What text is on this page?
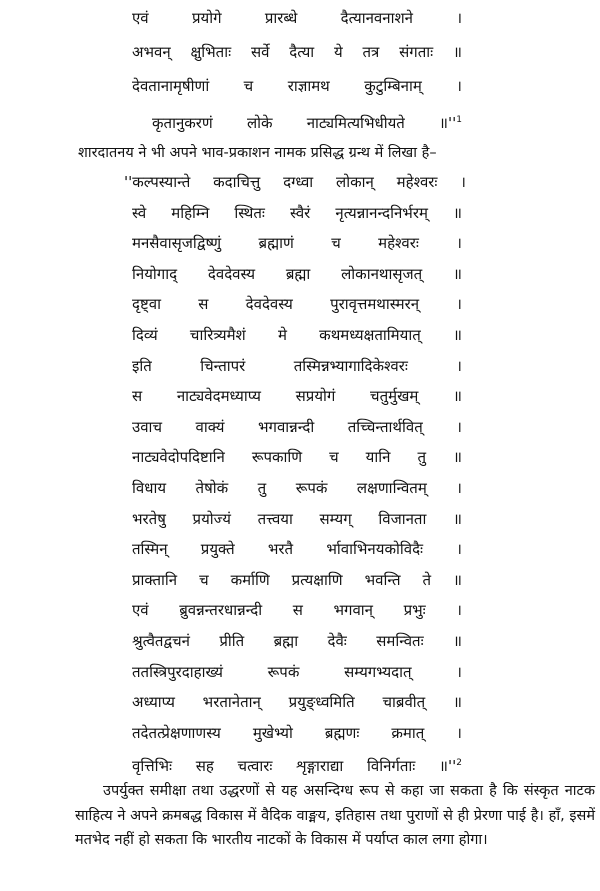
एवं प्रयोगे प्रारब्धे दैत्यानवनाशने ।
अभवन् क्षुभिताः सर्वे दैत्या ये तत्र संगताः ॥
देवतानामृषीणां च राज्ञामथ कुटुम्बिनाम् ।
कृतानुकरणं लोके नाट्यमित्यभिधीयते $॥''^1$
शारदातनय ने भी अपने भाव-प्रकाशन नामक प्रसिद्ध ग्रन्थ में लिखा है–
''कल्पस्यान्ते कदाचित्तु दग्ध्वा लोकान् महेश्वरः ।
स्वे महिम्नि स्थितः स्वैरं नृत्यन्नानन्दनिर्भरम् ॥
मनसैवासृजद्विष्णुं ब्रह्माणं च महेश्वरः ।
नियोगाद् देवदेवस्य ब्रह्मा लोकानथासृजत् ॥
दृष्ट्वा स देवदेवस्य पुरावृत्तमथास्मरन् ।
दिव्यं चारित्र्यमैशं मे कथमध्यक्षतामियात् ॥
इति चिन्तापरं तस्मिन्नभ्यागादिकेश्वरः ।
स नाट्यवेदमध्याप्य सप्रयोगं चतुर्मुखम् ॥
उवाच वाक्यं भगवान्नन्दी तच्चिन्तार्थवित् ।
नाट्यवेदोपदिष्टानि रूपकाणि च यानि तु ॥
विधाय तेषोकं तु रूपकं लक्षणान्वितम् ।
भरतेषु प्रयोज्यं तत्त्वया सम्यग् विजानता ॥
तस्मिन् प्रयुक्ते भरतै र्भावाभिनयकोविदैः ।
प्राक्तानि च कर्माणि प्रत्यक्षाणि भवन्ति ते ॥
एवं ब्रुवन्नन्तरधान्नन्दी स भगवान् प्रभुः ।
श्रुत्वैतद्वचनं प्रीति ब्रह्मा देवैः समन्वितः ॥
ततस्त्रिपुरदाहाख्यं रूपकं सम्यगभ्यदात् ।
अध्याप्य भरतानेतान् प्रयुङ्ध्वमिति चाब्रवीत् ॥
तदेतत्प्रेक्षणाणस्य मुखेभ्यो ब्रह्मणः क्रमात् ।
वृत्तिभिः सह चत्वारः शृङ्गाराद्या विनिर्गताः $॥''^2$
उपर्युक्त समीक्षा तथा उद्धरणों से यह असन्दिग्ध रूप से कहा जा सकता है कि संस्कृत नाटक साहित्य ने अपने क्रमबद्ध विकास में वैदिक वाङ्मय, इतिहास तथा पुराणों से ही प्रेरणा पाई है। हाँ, इसमें मतभेद नहीं हो सकता कि भारतीय नाटकों के विकास में पर्याप्त काल लगा होगा।
